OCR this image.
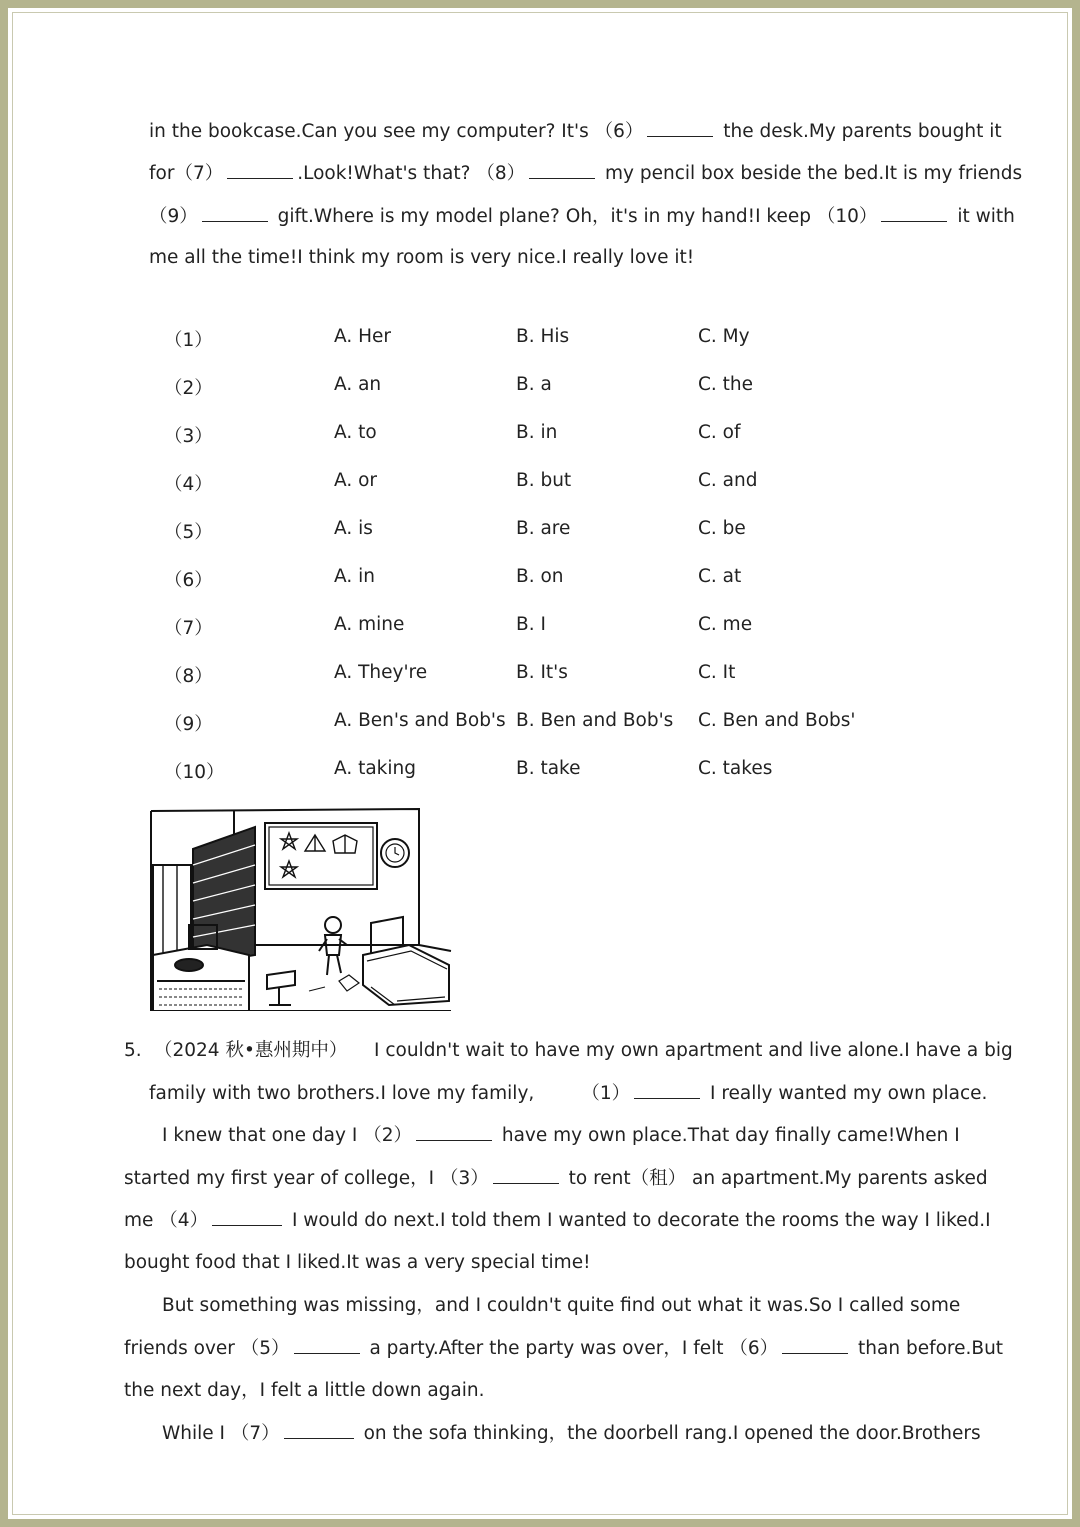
in the bookcase.Can you see my computer? It's （6）	the desk.My parents bought it
for（7）	.Look!What's that? （8）	my pencil box beside the bed.It is my friends
（9）	gift.Where is my model plane? Oh，it's in my hand!I keep （10）	it with
me all the time!I think my room is very nice.I really love it!
（1）	A. Her	B. His	C. My
（2）	A. an	B. a	C. the
（3）	A. to	B. in	C. of
（4）	A. or	B. but	C. and
（5）	A. is	B. are	C. be
（6）	A. in	B. on	C. at
（7）	A. mine	B. I	C. me
（8）	A. They're	B. It's	C. It
（9）	A. Ben's and Bob's B. Ben and Bob's C. Ben and Bobs'
（10）	A. taking	B. take	C. takes
5. （2024 秋•惠州期中） I couldn't wait to have my own apartment and live alone.I have a big
family with two brothers.I love my family,	（1）	I really wanted my own place.
I knew that one day I （2）	have my own place.That day finally came!When I
started my first year of college，I （3）	to rent（租） an apartment.My parents asked
me （4）	I would do next.I told them I wanted to decorate the rooms the way I liked.I
bought food that I liked.It was a very special time!
But something was missing，and I couldn't quite find out what it was.So I called some
friends over （5）	a party.After the party was over，I felt （6）	than before.But
the next day，I felt a little down again.
While I （7）	on the sofa thinking，the doorbell rang.I opened the door.Brothers
